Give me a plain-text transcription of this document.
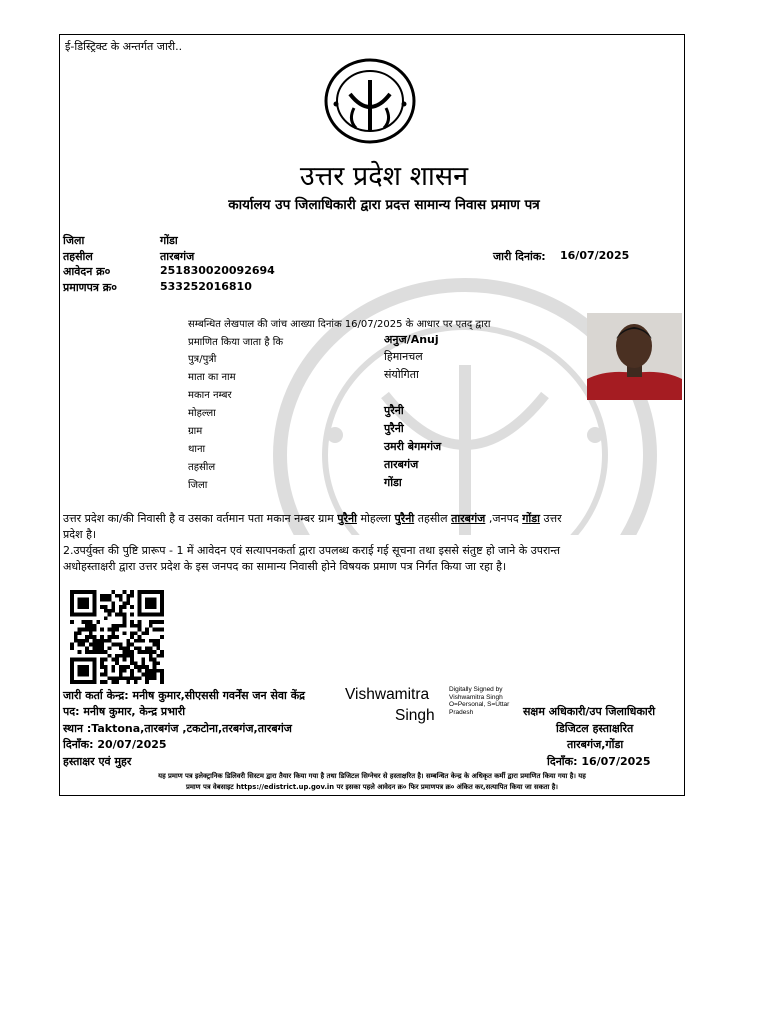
ई-डिस्ट्रिक्ट के अन्तर्गत जारी..
उत्तर प्रदेश शासन
कार्यालय उप जिलाधिकारी द्वारा प्रदत्त सामान्य निवास प्रमाण पत्र
जिला	गोंडा
तहसील	तारबगंज	जारी दिनांक: 16/07/2025
आवेदन क्र०	251830020092694
प्रमाणपत्र क्र०	533252016810
सम्बन्धित लेखपाल की जांच आख्या दिनांक 16/07/2025 के आधार पर एतद् द्वारा
प्रमाणित किया जाता है कि	अनुज/Anuj
पुत्र/पुत्री	हिमानचल
माता का नाम	संयोगिता
मकान नम्बर
मोहल्ला	पुरैनी
ग्राम	पुरैनी
थाना	उमरी बेगमगंज
तहसील	तारबगंज
जिला	गोंडा
उत्तर प्रदेश का/की निवासी है व उसका वर्तमान पता मकान नम्बर ग्राम पुरैनी मोहल्ला पुरैनी तहसील तारबगंज ,जनपद गोंडा उत्तर
प्रदेश है।
2.उपर्युक्त की पुष्टि प्रारूप - 1 में आवेदन एवं सत्यापनकर्ता द्वारा उपलब्ध कराई गई सूचना तथा इससे संतुष्ट हो जाने के उपरान्त
अधोहस्ताक्षरी द्वारा उत्तर प्रदेश के इस जनपद का सामान्य निवासी होने विषयक प्रमाण पत्र निर्गत किया जा रहा है।
जारी कर्ता केन्द्र: मनीष कुमार,सीएससी गवर्नेंस जन सेवा केंद्र
पद: मनीष कुमार, केन्द्र प्रभारी
स्थान :Taktona,तारबगंज ,टकटोना,तरबगंज,तारबगंज
दिनाँक: 20/07/2025
हस्ताक्षर एवं मुहर
Vishwamitra
Singh
Digitally Signed by
Vishwamitra Singh
O=Personal, S=Uttar
Pradesh	सक्षम अधिकारी/उप जिलाधिकारी
डिजिटल हस्ताक्षरित
तारबगंज,गोंडा
दिनाँक: 16/07/2025
यह प्रमाण पत्र इलेक्ट्रानिक डिलिवरी सिस्टम द्वारा तैयार किया गया है तथा डिजिटल सिग्नेचर से हस्ताक्षरित है। सम्बन्धित केन्द्र के अधिकृत कर्मी द्वारा प्रमाणित किया गया है। यह
प्रमाण पत्र वेबसाइट https://edistrict.up.gov.in पर इसका पहले आवेदन क्र० फिर प्रमाणपत्र क्र० अंकित कर,सत्यापित किया जा सकता है।
